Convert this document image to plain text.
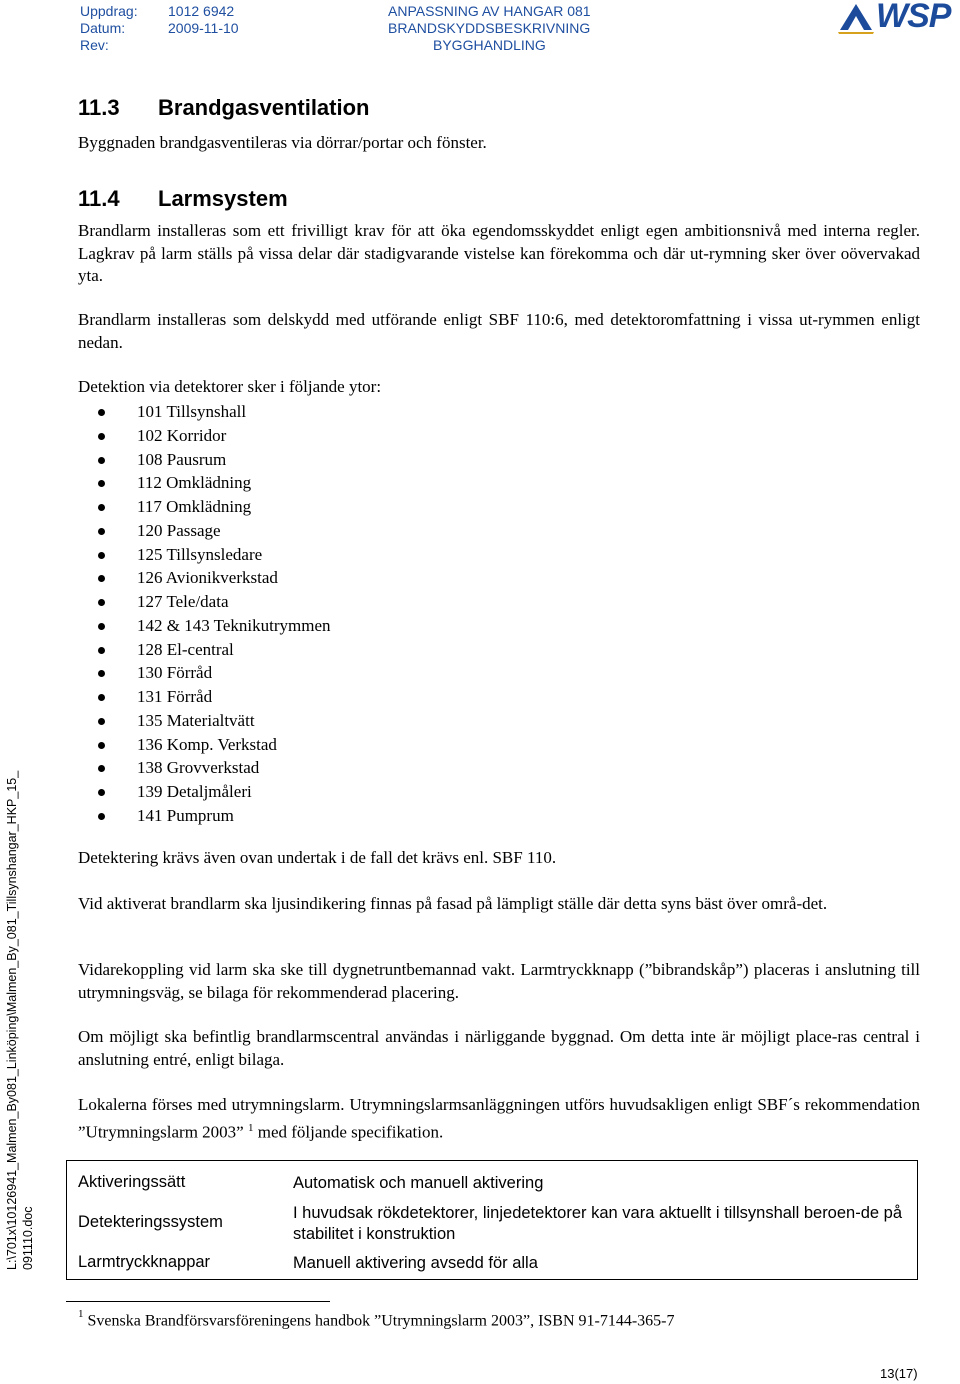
Uppdrag: 1012 6942
Datum:	2009-11-10
Rev:
ANPASSNING AV HANGAR 081
BRANDSKYDDSBESKRIVNING
BYGGHANDLING
WSP
11.3 Brandgasventilation

Byggnaden brandgasventileras via dörrar/portar och fönster.

11.4 Larmsystem

Brandlarm installeras som ett frivilligt krav för att öka egendomsskyddet enligt egen ambitionsnivå med interna regler. Lagkrav på larm ställs på vissa delar där stadigvarande vistelse kan förekomma och där ut-rymning sker över oövervakad yta.

Brandlarm installeras som delskydd med utförande enligt SBF 110:6, med detektoromfattning i vissa ut-rymmen enligt nedan.

Detektion via detektorer sker i följande ytor:

101 Tillsynshall
102 Korridor
108 Pausrum
112 Omklädning
117 Omklädning
120 Passage
125 Tillsynsledare
126 Avionikverkstad
127 Tele/data
142 & 143 Teknikutrymmen
128 El-central
130 Förråd
131 Förråd
135 Materialtvätt
136 Komp. Verkstad
138 Grovverkstad
139 Detaljmåleri
141 Pumprum

Detektering krävs även ovan undertak i de fall det krävs enl. SBF 110.

Vid aktiverat brandlarm ska ljusindikering finnas på fasad på lämpligt ställe där detta syns bäst över områ-det.

Vidarekoppling vid larm ska ske till dygnetruntbemannad vakt. Larmtryckknapp (”bibrandskåp”) placeras i anslutning till utrymningsväg, se bilaga för rekommenderad placering.

Om möjligt ska befintlig brandlarmscentral användas i närliggande byggnad. Om detta inte är möjligt place-ras central i anslutning entré, enligt bilaga.

Lokalerna förses med utrymningslarm. Utrymningslarmsanläggningen utförs huvudsakligen enligt SBF´s rekommendation ”Utrymningslarm 2003” $^1$ med följande specifikation.

Aktiveringssätt	Automatisk och manuell aktivering
Detekteringssystem	I huvudsak rökdetektorer, linjedetektorer kan vara aktuellt i tillsynshall beroen-de på stabilitet i konstruktion
Larmtryckknappar	Manuell aktivering avsedd för alla
$^1$ Svenska Brandförsvarsföreningens handbok ”Utrymningslarm 2003”, ISBN 91-7144-365-7
L:\701x\10126941_Malmen_By081_Linköping\Malmen_By_081_Tillsynshangar_HKP_15_ 091110.doc
13(17)
